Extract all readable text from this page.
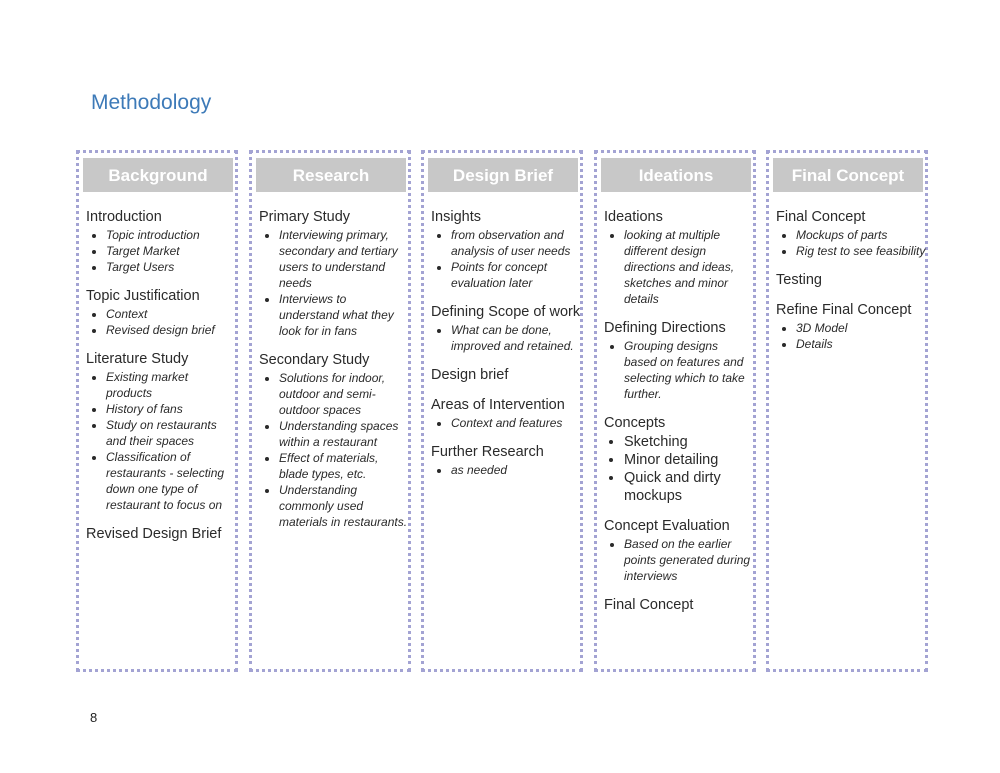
Methodology
Background
Introduction
• Topic introduction
• Target Market
• Target Users
Topic Justification
• Context
• Revised design brief
Literature Study
• Existing market products
• History of fans
• Study on restaurants and their spaces
• Classification of restaurants - selecting down one type of restaurant to focus on
Revised Design Brief
Research
Primary Study
• Interviewing primary, secondary and tertiary users to understand needs
• Interviews to understand what they look for in fans
Secondary Study
• Solutions for indoor, outdoor and semi-outdoor spaces
• Understanding spaces within a restaurant
• Effect of materials, blade types, etc.
• Understanding commonly used materials in restaurants.
Design Brief
Insights
• from observation and analysis of user needs
• Points for concept evaluation later
Defining Scope of work
• What can be done, improved and retained.
Design brief
Areas of Intervention
• Context and features
Further Research
• as needed
Ideations
Ideations
• looking at multiple different design directions and ideas, sketches and minor details
Defining Directions
• Grouping designs based on features and selecting which to take further.
Concepts
• Sketching
• Minor detailing
• Quick and dirty mockups
Concept Evaluation
• Based on the earlier points generated during interviews
Final Concept
Final Concept
Final Concept
• Mockups of parts
• Rig test to see feasibility
Testing
Refine Final Concept
• 3D Model
• Details
8
